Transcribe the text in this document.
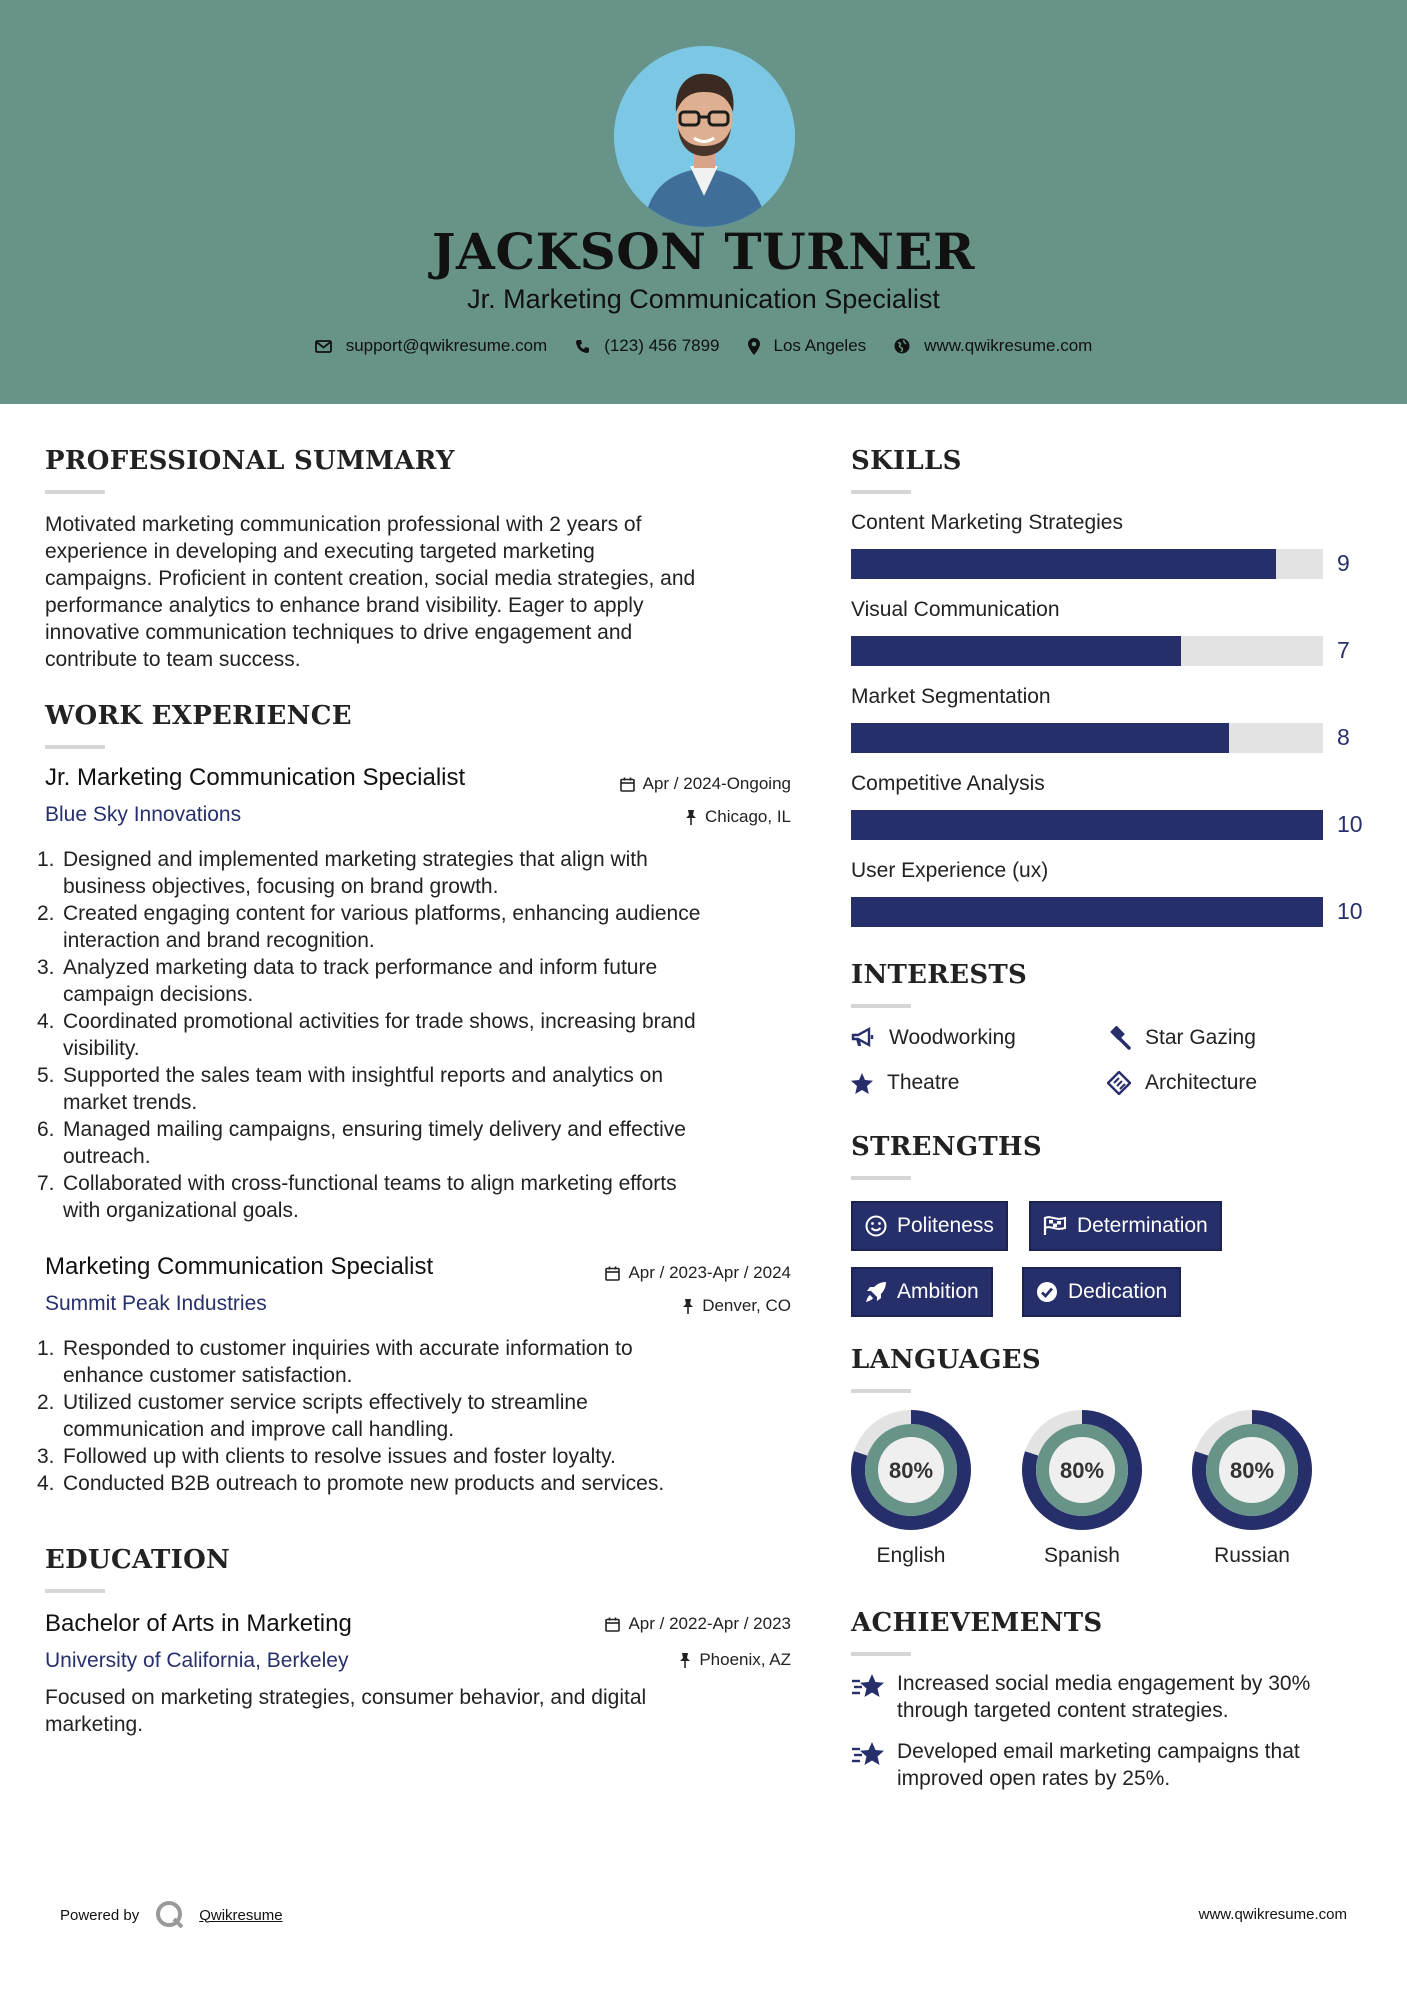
JACKSON TURNER
Jr. Marketing Communication Specialist
support@qwikresume.com	(123) 456 7899	Los Angeles	www.qwikresume.com
PROFESSIONAL SUMMARY
Motivated marketing communication professional with 2 years of
experience in developing and executing targeted marketing
campaigns. Proficient in content creation, social media strategies, and
performance analytics to enhance brand visibility. Eager to apply
innovative communication techniques to drive engagement and
contribute to team success.
WORK EXPERIENCE
Jr. Marketing Communication Specialist	Apr / 2024-Ongoing
Blue Sky Innovations	Chicago, IL
1. Designed and implemented marketing strategies that align with
business objectives, focusing on brand growth.
2. Created engaging content for various platforms, enhancing audience
interaction and brand recognition.
3. Analyzed marketing data to track performance and inform future
campaign decisions.
4. Coordinated promotional activities for trade shows, increasing brand
visibility.
5. Supported the sales team with insightful reports and analytics on
market trends.
6. Managed mailing campaigns, ensuring timely delivery and effective
outreach.
7. Collaborated with cross-functional teams to align marketing efforts
with organizational goals.
Marketing Communication Specialist	Apr / 2023-Apr / 2024
Summit Peak Industries	Denver, CO
1. Responded to customer inquiries with accurate information to
enhance customer satisfaction.
2. Utilized customer service scripts effectively to streamline
communication and improve call handling.
3. Followed up with clients to resolve issues and foster loyalty.
4. Conducted B2B outreach to promote new products and services.
EDUCATION
Bachelor of Arts in Marketing	Apr / 2022-Apr / 2023
University of California, Berkeley	Phoenix, AZ
Focused on marketing strategies, consumer behavior, and digital
marketing.
SKILLS
Content Marketing Strategies
9
Visual Communication
7
Market Segmentation
8
Competitive Analysis
10
User Experience (ux)
10
INTERESTS
Woodworking	Star Gazing
Theatre	Architecture
STRENGTHS
Politeness	Determination
Ambition	Dedication
LANGUAGES
80%
English
80%
Spanish
80%
Russian
ACHIEVEMENTS
Increased social media engagement by 30%
through targeted content strategies.
Developed email marketing campaigns that
improved open rates by 25%.
Powered by	Qwikresume	www.qwikresume.com
